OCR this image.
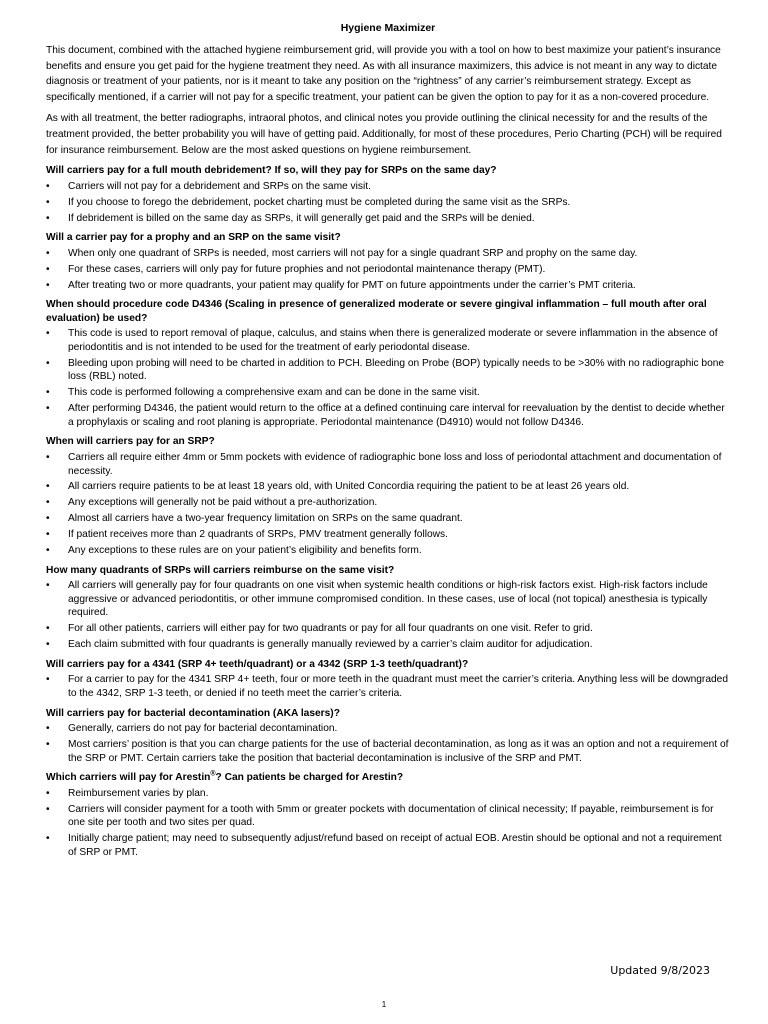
Hygiene Maximizer
This document, combined with the attached hygiene reimbursement grid, will provide you with a tool on how to best maximize your patient’s insurance benefits and ensure you get paid for the hygiene treatment they need. As with all insurance maximizers, this advice is not meant in any way to dictate diagnosis or treatment of your patients, nor is it meant to take any position on the “rightness” of any carrier’s reimbursement strategy. Except as specifically mentioned, if a carrier will not pay for a specific treatment, your patient can be given the option to pay for it as a non-covered procedure.
As with all treatment, the better radiographs, intraoral photos, and clinical notes you provide outlining the clinical necessity for and the results of the treatment provided, the better probability you will have of getting paid. Additionally, for most of these procedures, Perio Charting (PCH) will be required for insurance reimbursement. Below are the most asked questions on hygiene reimbursement.
Will carriers pay for a full mouth debridement? If so, will they pay for SRPs on the same day?
• Carriers will not pay for a debridement and SRPs on the same visit.
• If you choose to forego the debridement, pocket charting must be completed during the same visit as the SRPs.
• If debridement is billed on the same day as SRPs, it will generally get paid and the SRPs will be denied.
Will a carrier pay for a prophy and an SRP on the same visit?
• When only one quadrant of SRPs is needed, most carriers will not pay for a single quadrant SRP and prophy on the same day.
• For these cases, carriers will only pay for future prophies and not periodontal maintenance therapy (PMT).
• After treating two or more quadrants, your patient may qualify for PMT on future appointments under the carrier’s PMT criteria.
When should procedure code D4346 (Scaling in presence of generalized moderate or severe gingival inflammation – full mouth after oral evaluation) be used?
• This code is used to report removal of plaque, calculus, and stains when there is generalized moderate or severe inflammation in the absence of periodontitis and is not intended to be used for the treatment of early periodontal disease.
• Bleeding upon probing will need to be charted in addition to PCH. Bleeding on Probe (BOP) typically needs to be >30% with no radiographic bone loss (RBL) noted.
• This code is performed following a comprehensive exam and can be done in the same visit.
• After performing D4346, the patient would return to the office at a defined continuing care interval for reevaluation by the dentist to decide whether a prophylaxis or scaling and root planing is appropriate. Periodontal maintenance (D4910) would not follow D4346.
When will carriers pay for an SRP?
• Carriers all require either 4mm or 5mm pockets with evidence of radiographic bone loss and loss of periodontal attachment and documentation of necessity.
• All carriers require patients to be at least 18 years old, with United Concordia requiring the patient to be at least 26 years old.
• Any exceptions will generally not be paid without a pre-authorization.
• Almost all carriers have a two-year frequency limitation on SRPs on the same quadrant.
• If patient receives more than 2 quadrants of SRPs, PMV treatment generally follows.
• Any exceptions to these rules are on your patient’s eligibility and benefits form.
How many quadrants of SRPs will carriers reimburse on the same visit?
• All carriers will generally pay for four quadrants on one visit when systemic health conditions or high-risk factors exist. High-risk factors include aggressive or advanced periodontitis, or other immune compromised condition. In these cases, use of local (not topical) anesthesia is typically required.
• For all other patients, carriers will either pay for two quadrants or pay for all four quadrants on one visit. Refer to grid.
• Each claim submitted with four quadrants is generally manually reviewed by a carrier’s claim auditor for adjudication.
Will carriers pay for a 4341 (SRP 4+ teeth/quadrant) or a 4342 (SRP 1-3 teeth/quadrant)?
• For a carrier to pay for the 4341 SRP 4+ teeth, four or more teeth in the quadrant must meet the carrier’s criteria. Anything less will be downgraded to the 4342, SRP 1-3 teeth, or denied if no teeth meet the carrier’s criteria.
Will carriers pay for bacterial decontamination (AKA lasers)?
• Generally, carriers do not pay for bacterial decontamination.
• Most carriers’ position is that you can charge patients for the use of bacterial decontamination, as long as it was an option and not a requirement of the SRP or PMT. Certain carriers take the position that bacterial decontamination is inclusive of the SRP and PMT.
Which carriers will pay for Arestin®? Can patients be charged for Arestin?
• Reimbursement varies by plan.
• Carriers will consider payment for a tooth with 5mm or greater pockets with documentation of clinical necessity; If payable, reimbursement is for one site per tooth and two sites per quad.
• Initially charge patient; may need to subsequently adjust/refund based on receipt of actual EOB. Arestin should be optional and not a requirement of SRP or PMT.
Updated 9/8/2023
1
